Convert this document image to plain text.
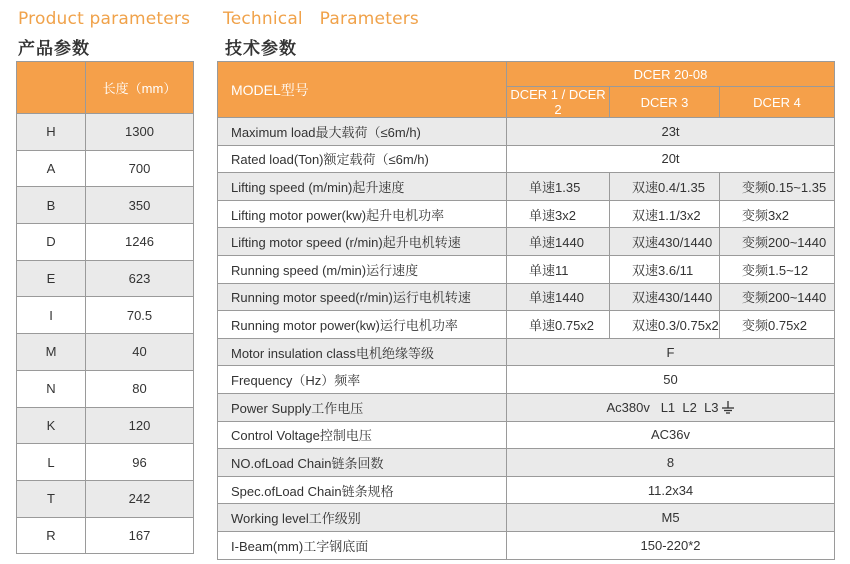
Product parameters
产品参数
Technical   Parameters
技术参数
	长度（mm）
H	1300
A	700
B	350
D	1246
E	623
I	70.5
M	40
N	80
K	120
L	96
T	242
R	167
MODEL型号	DCER 20-08		
	DCER 1 / DCER 2	DCER 3	DCER 4
Maximum load最大载荷（≤6m/h)	23t		
Rated load(Ton)额定载荷（≤6m/h)	20t		
Lifting speed (m/min)起升速度	单速1.35	双速0.4/1.35	变频0.15~1.35
Lifting motor power(kw)起升电机功率	单速3x2	双速1.1/3x2	变频3x2
Lifting motor speed (r/min)起升电机转速	单速1440	双速430/1440	变频200~1440
Running speed (m/min)运行速度	单速11	双速3.6/11	变频1.5~12
Running motor speed(r/min)运行电机转速	单速1440	双速430/1440	变频200~1440
Running motor power(kw)运行电机功率	单速0.75x2	双速0.3/0.75x2	变频0.75x2
Motor insulation class电机绝缘等级	F		
Frequency（Hz）频率	50		
Power Supply工作电压	Ac380v   L1  L2  L3		
Control Voltage控制电压	AC36v		
NO.ofLoad Chain链条回数	8		
Spec.ofLoad Chain链条规格	11.2x34		
Working level工作级别	M5		
I-Beam(mm)工字钢底面	150-220*2		
